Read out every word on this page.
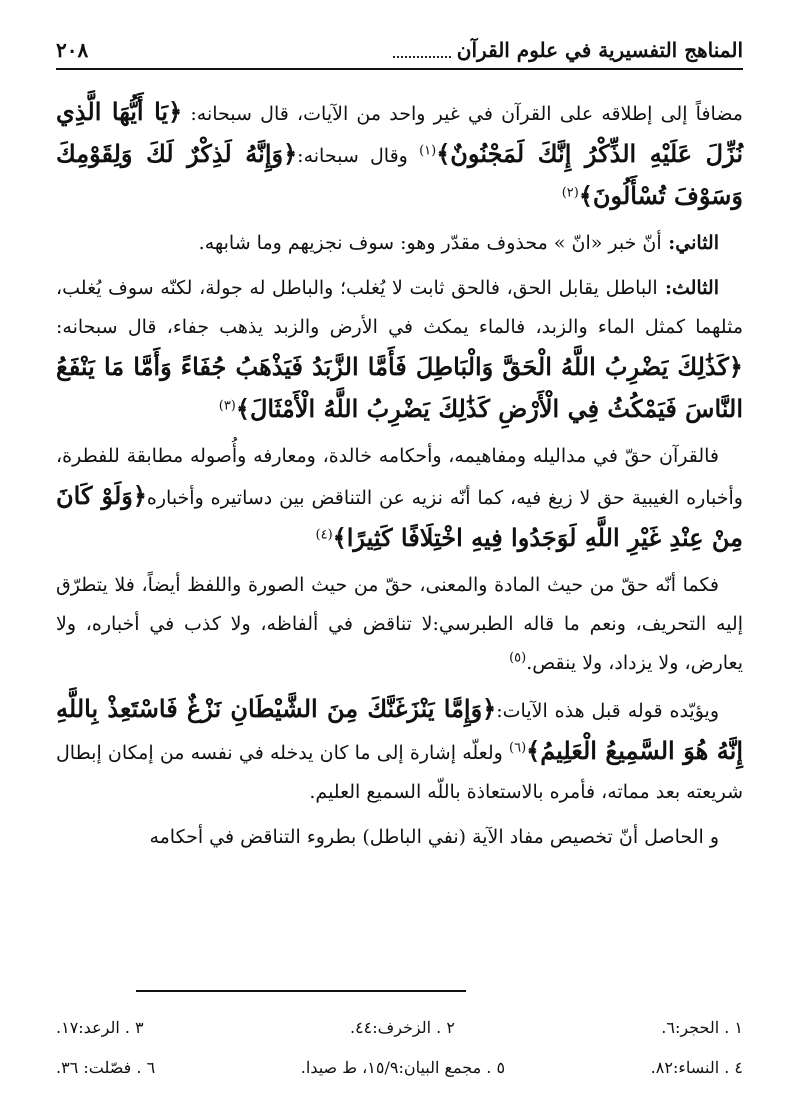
المناهج التفسيرية في علوم القرآن
٢٠٨

مضافاً إلى إطلاقه على القرآن في غير واحد من الآيات، قال سبحانه: ﴿يَا أَيُّهَا الَّذِي نُزِّلَ عَلَيْهِ الذِّكْرُ إِنَّكَ لَمَجْنُونٌ﴾$^{(١)}$ وقال سبحانه:﴿وَإِنَّهُ لَذِكْرٌ لَكَ وَلِقَوْمِكَ وَسَوْفَ تُسْأَلُونَ﴾$^{(٢)}$

الثاني: أنّ خبر «انّ » محذوف مقدّر وهو: سوف نجزيهم وما شابهه.

الثالث: الباطل يقابل الحق، فالحق ثابت لا يُغلب؛ والباطل له جولة، لكنّه سوف يُغلب، مثلهما كمثل الماء والزبد، فالماء يمكث في الأرض والزبد يذهب جفاء، قال سبحانه:﴿كَذَٰلِكَ يَضْرِبُ اللَّهُ الْحَقَّ وَالْبَاطِلَ فَأَمَّا الزَّبَدُ فَيَذْهَبُ جُفَاءً وَأَمَّا مَا يَنْفَعُ النَّاسَ فَيَمْكُثُ فِي الْأَرْضِ كَذَٰلِكَ يَضْرِبُ اللَّهُ الْأَمْثَالَ﴾$^{(٣)}$

فالقرآن حقّ في مداليله ومفاهيمه، وأحكامه خالدة، ومعارفه وأُصوله مطابقة للفطرة، وأخباره الغيبية حق لا زيغ فيه، كما أنّه نزيه عن التناقض بين دساتيره وأخباره﴿وَلَوْ كَانَ مِنْ عِنْدِ غَيْرِ اللَّهِ لَوَجَدُوا فِيهِ اخْتِلَافًا كَثِيرًا﴾$^{(٤)}$

فكما أنّه حقّ من حيث المادة والمعنى، حقّ من حيث الصورة واللفظ أيضاً، فلا يتطرّق إليه التحريف، ونعم ما قاله الطبرسي:لا تناقض في ألفاظه، ولا كذب في أخباره، ولا يعارض، ولا يزداد، ولا ينقص.$^{(٥)}$

ويؤيّده قوله قبل هذه الآيات:﴿وَإِمَّا يَنْزَغَنَّكَ مِنَ الشَّيْطَانِ نَزْغٌ فَاسْتَعِذْ بِاللَّهِ إِنَّهُ هُوَ السَّمِيعُ الْعَلِيمُ﴾$^{(٦)}$ ولعلّه إشارة إلى ما كان يدخله في نفسه من إمكان إبطال شريعته بعد مماته، فأمره بالاستعاذة باللّه السميع العليم.

و الحاصل أنّ تخصيص مفاد الآية (نفي الباطل) بطروء التناقض في أحكامه

١ . الحجر:٦.
٢ . الزخرف:٤٤.
٣ . الرعد:١٧.
٤ . النساء:٨٢.
٥ . مجمع البيان:١٥/٩، ط صيدا.
٦ . فصّلت: ٣٦.
